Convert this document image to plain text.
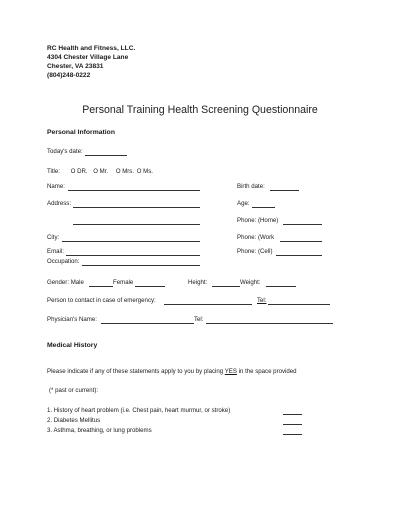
RC Health and Fitness, LLC.
4304 Chester Village Lane
Chester, VA 23831
(804)248-0222
Personal Training Health Screening Questionnaire
Personal Information
Today's date:
Title: O DR. O Mr. O Mrs. O Ms.
Name:	Birth date:
Address:	Age:
Phone: (Home)
City:	Phone: (Work
Email:	Phone: (Cell)
Occupation:
Gender: Male	Female	Height:	Weight:
Person to contact in case of emergency:	Tel:
Physician's Name:	Tel:
Medical History
Please indicate if any of these statements apply to you by placing YES in the space provided
(* past or current):
1. History of heart problem (i.e. Chest pain, heart murmur, or stroke)
2. Diabetes Mellitus
3. Asthma, breathing, or lung problems
